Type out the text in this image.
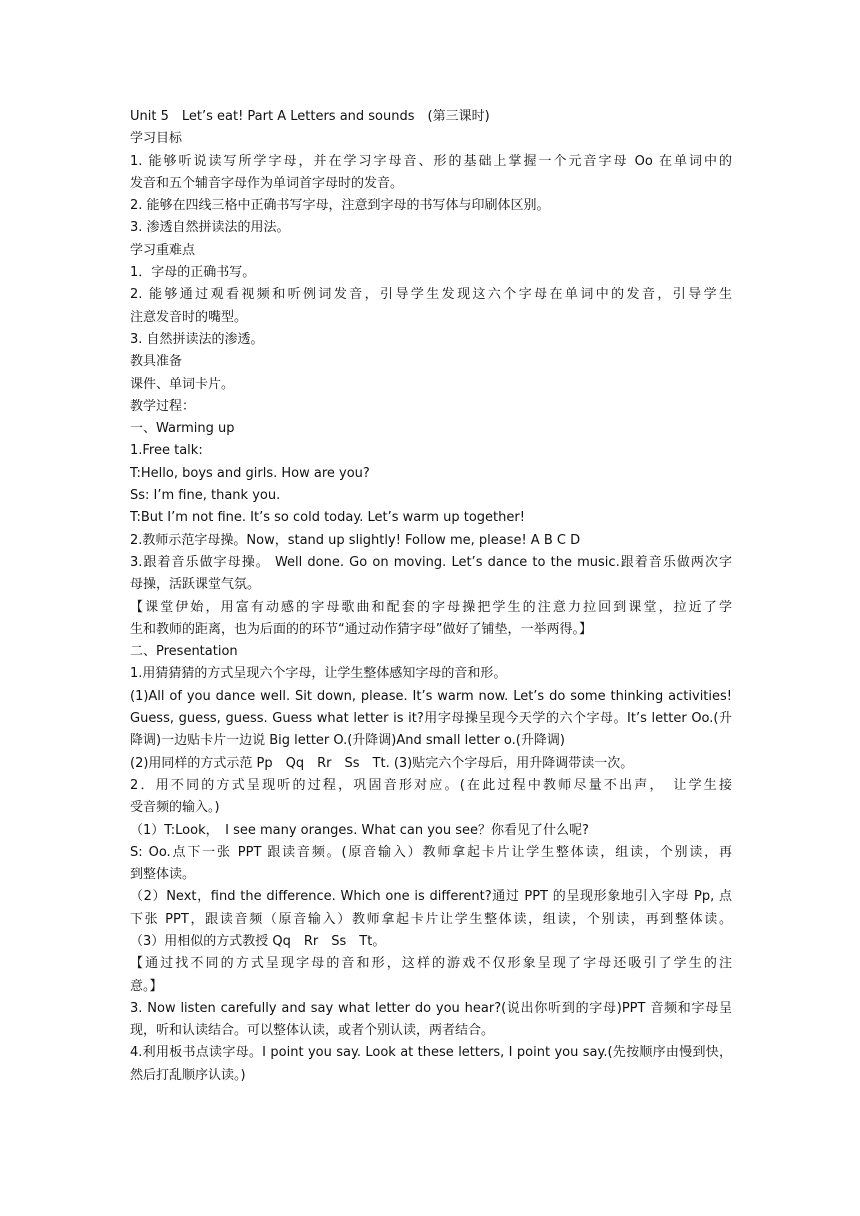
Unit 5　Let’s eat! Part A Letters and sounds　(第三课时)
学习目标
1. 能够听说读写所学字母，并在学习字母音、形的基础上掌握一个元音字母 Oo 在单词中的
发音和五个辅音字母作为单词首字母时的发音。
2. 能够在四线三格中正确书写字母，注意到字母的书写体与印刷体区别。
3. 渗透自然拼读法的用法。
学习重难点
1．字母的正确书写。
2. 能够通过观看视频和听例词发音，引导学生发现这六个字母在单词中的发音，引导学生
注意发音时的嘴型。
3. 自然拼读法的渗透。
教具准备
课件、单词卡片。
教学过程：
一、Warming up
1.Free talk:
T:Hello, boys and girls. How are you?
Ss: I’m fine, thank you.
T:But I’m not fine. It’s so cold today. Let’s warm up together!
2.教师示范字母操。Now，stand up slightly! Follow me, please! A B C D
3.跟着音乐做字母操。 Well done. Go on moving. Let’s dance to the music.跟着音乐做两次字
母操，活跃课堂气氛。
【课堂伊始，用富有动感的字母歌曲和配套的字母操把学生的注意力拉回到课堂，拉近了学
生和教师的距离，也为后面的的环节“通过动作猜字母”做好了铺垫，一举两得。】
二、Presentation
1.用猜猜猜的方式呈现六个字母，让学生整体感知字母的音和形。
(1)All of you dance well. Sit down, please. It’s warm now. Let’s do some thinking activities!
Guess, guess, guess. Guess what letter is it?用字母操呈现今天学的六个字母。It’s letter Oo.(升
降调)一边贴卡片一边说 Big letter O.(升降调)And small letter o.(升降调)
(2)用同样的方式示范 Pp　Qq　Rr　Ss　Tt. (3)贴完六个字母后，用升降调带读一次。
2．用不同的方式呈现听的过程，巩固音形对应。(在此过程中教师尽量不出声，　让学生接
受音频的输入。)
（1）T:Look，　I see many oranges. What can you see？你看见了什么呢?
S: Oo.点下一张 PPT 跟读音频。(原音输入）教师拿起卡片让学生整体读，组读，个别读，再
到整体读。
（2）Next，find the difference. Which one is different?通过 PPT 的呈现形象地引入字母 Pp, 点
下张 PPT，跟读音频（原音输入）教师拿起卡片让学生整体读，组读，个别读，再到整体读。
（3）用相似的方式教授 Qq　Rr　Ss　Tt。
【通过找不同的方式呈现字母的音和形，这样的游戏不仅形象呈现了字母还吸引了学生的注
意。】
3. Now listen carefully and say what letter do you hear?(说出你听到的字母)PPT 音频和字母呈
现，听和认读结合。可以整体认读，或者个别认读，两者结合。
4.利用板书点读字母。I point you say. Look at these letters, I point you say.(先按顺序由慢到快，
然后打乱顺序认读。)
